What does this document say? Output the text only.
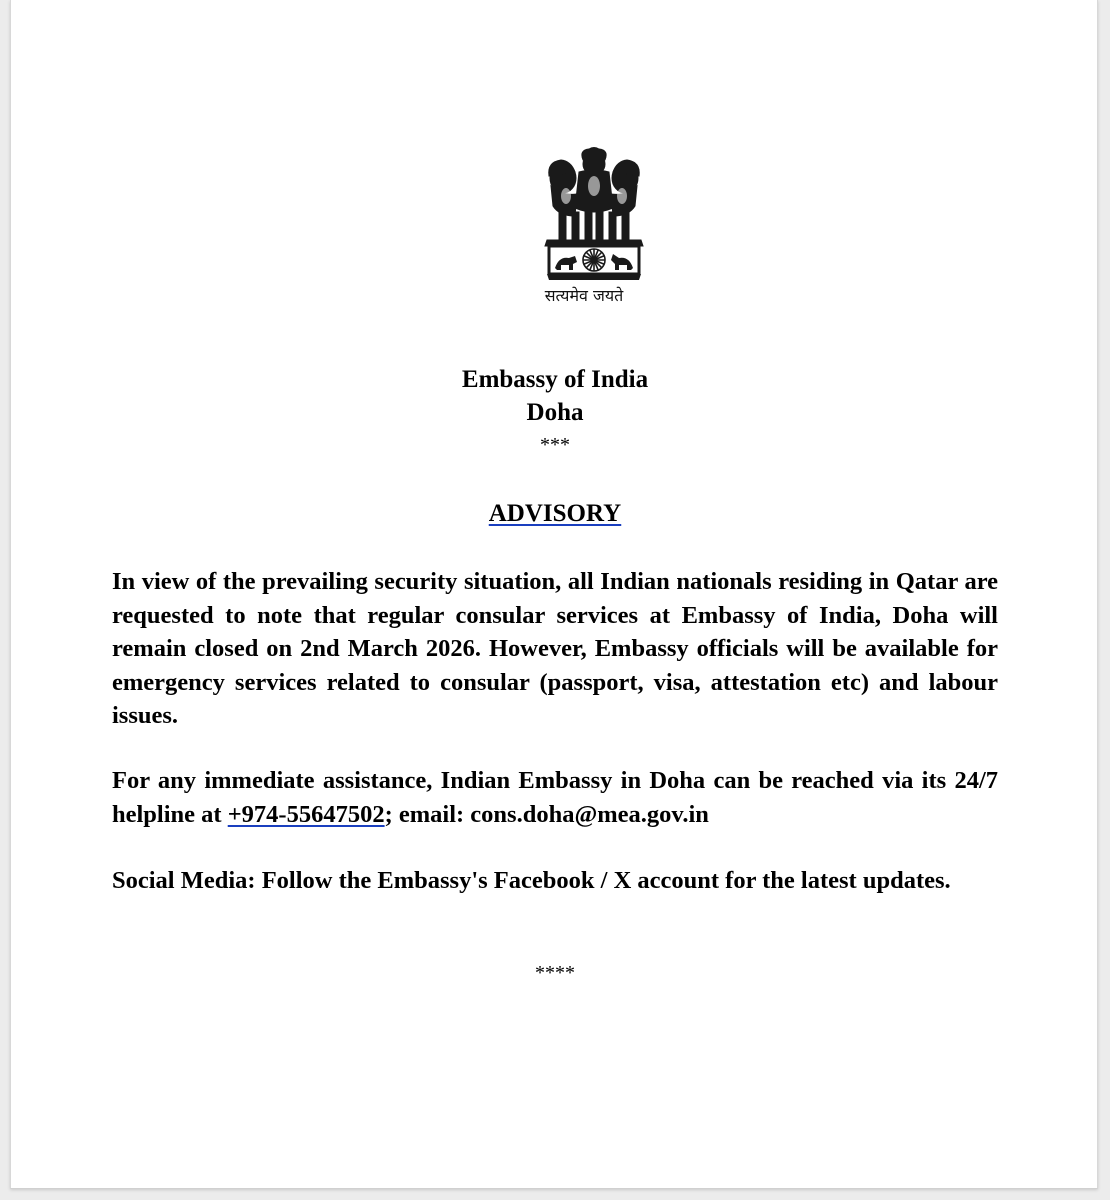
सत्यमेव जयते

Embassy of India

Doha

***

ADVISORY

In view of the prevailing security situation, all Indian nationals residing in Qatar are requested to note that regular consular services at Embassy of India, Doha will remain closed on 2nd March 2026. However, Embassy officials will be available for emergency services related to consular (passport, visa, attestation etc) and labour issues.

For any immediate assistance, Indian Embassy in Doha can be reached via its 24/7 helpline at +974-55647502; email: cons.doha@mea.gov.in

Social Media: Follow the Embassy's Facebook / X account for the latest updates.

****
